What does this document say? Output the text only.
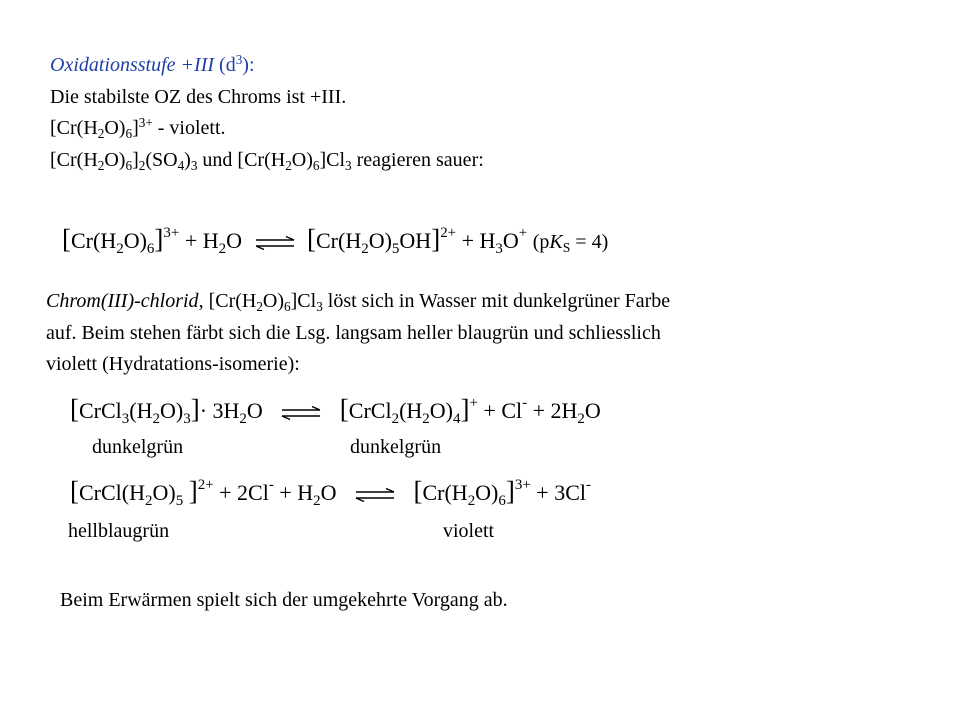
Oxidationsstufe +III $(d^3)$:
Die stabilste OZ des Chroms ist +III.
$[Cr(H_2O)_6]^{3+}$ - violett.
$[Cr(H_2O)_6]_2(SO_4)_3$ und $[Cr(H_2O)_6]Cl_3$ reagieren sauer:
$[Cr(H_2O)_6]^{3+} + H_2O$ ⇌ $[Cr(H_2O)_5OH]^{2+} + H_3O^+$ $(pK_S = 4)$
Chrom(III)-chlorid, $[Cr(H_2O)_6]Cl_3$ löst sich in Wasser mit dunkelgrüner Farbe
auf. Beim stehen färbt sich die Lsg. langsam heller blaugrün und schliesslich
violett (Hydratations-isomerie):
$[CrCl_3(H_2O)_3]\cdot 3H_2O$ ⇌ $[CrCl_2(H_2O)_4]^+ + Cl^- + 2H_2O$
dunkelgrün	dunkelgrün
[$CrCl(H_2O)_5$ ]$^{2+} + 2Cl^- + H_2O$ ⇌ $[Cr(H_2O)_6]^{3+} + 3Cl^-$
hellblaugrün	violett
Beim Erwärmen spielt sich der umgekehrte Vorgang ab.
